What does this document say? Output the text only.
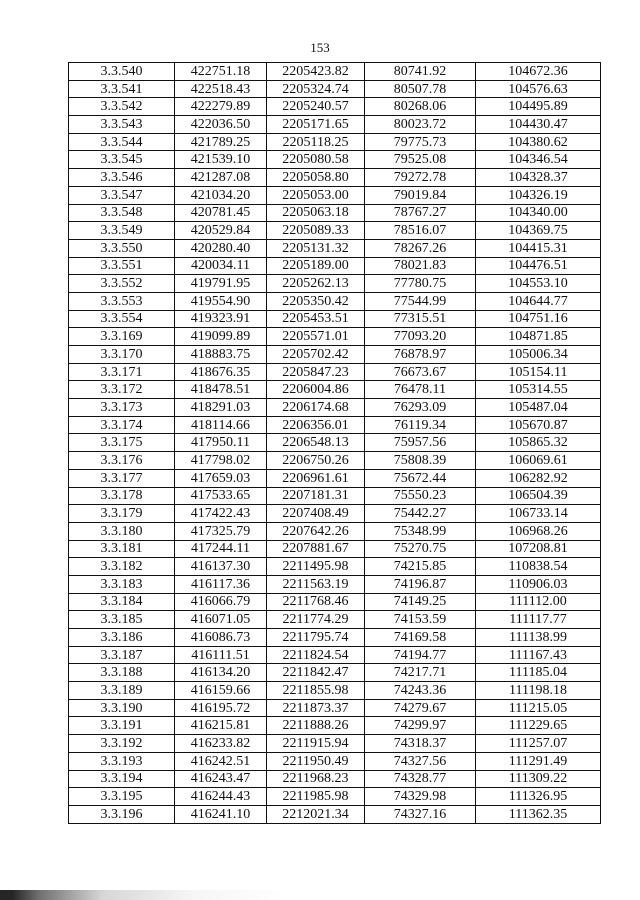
153
3.3.540	422751.18	2205423.82	80741.92	104672.36
3.3.541	422518.43	2205324.74	80507.78	104576.63
3.3.542	422279.89	2205240.57	80268.06	104495.89
3.3.543	422036.50	2205171.65	80023.72	104430.47
3.3.544	421789.25	2205118.25	79775.73	104380.62
3.3.545	421539.10	2205080.58	79525.08	104346.54
3.3.546	421287.08	2205058.80	79272.78	104328.37
3.3.547	421034.20	2205053.00	79019.84	104326.19
3.3.548	420781.45	2205063.18	78767.27	104340.00
3.3.549	420529.84	2205089.33	78516.07	104369.75
3.3.550	420280.40	2205131.32	78267.26	104415.31
3.3.551	420034.11	2205189.00	78021.83	104476.51
3.3.552	419791.95	2205262.13	77780.75	104553.10
3.3.553	419554.90	2205350.42	77544.99	104644.77
3.3.554	419323.91	2205453.51	77315.51	104751.16
3.3.169	419099.89	2205571.01	77093.20	104871.85
3.3.170	418883.75	2205702.42	76878.97	105006.34
3.3.171	418676.35	2205847.23	76673.67	105154.11
3.3.172	418478.51	2206004.86	76478.11	105314.55
3.3.173	418291.03	2206174.68	76293.09	105487.04
3.3.174	418114.66	2206356.01	76119.34	105670.87
3.3.175	417950.11	2206548.13	75957.56	105865.32
3.3.176	417798.02	2206750.26	75808.39	106069.61
3.3.177	417659.03	2206961.61	75672.44	106282.92
3.3.178	417533.65	2207181.31	75550.23	106504.39
3.3.179	417422.43	2207408.49	75442.27	106733.14
3.3.180	417325.79	2207642.26	75348.99	106968.26
3.3.181	417244.11	2207881.67	75270.75	107208.81
3.3.182	416137.30	2211495.98	74215.85	110838.54
3.3.183	416117.36	2211563.19	74196.87	110906.03
3.3.184	416066.79	2211768.46	74149.25	111112.00
3.3.185	416071.05	2211774.29	74153.59	111117.77
3.3.186	416086.73	2211795.74	74169.58	111138.99
3.3.187	416111.51	2211824.54	74194.77	111167.43
3.3.188	416134.20	2211842.47	74217.71	111185.04
3.3.189	416159.66	2211855.98	74243.36	111198.18
3.3.190	416195.72	2211873.37	74279.67	111215.05
3.3.191	416215.81	2211888.26	74299.97	111229.65
3.3.192	416233.82	2211915.94	74318.37	111257.07
3.3.193	416242.51	2211950.49	74327.56	111291.49
3.3.194	416243.47	2211968.23	74328.77	111309.22
3.3.195	416244.43	2211985.98	74329.98	111326.95
3.3.196	416241.10	2212021.34	74327.16	111362.35
